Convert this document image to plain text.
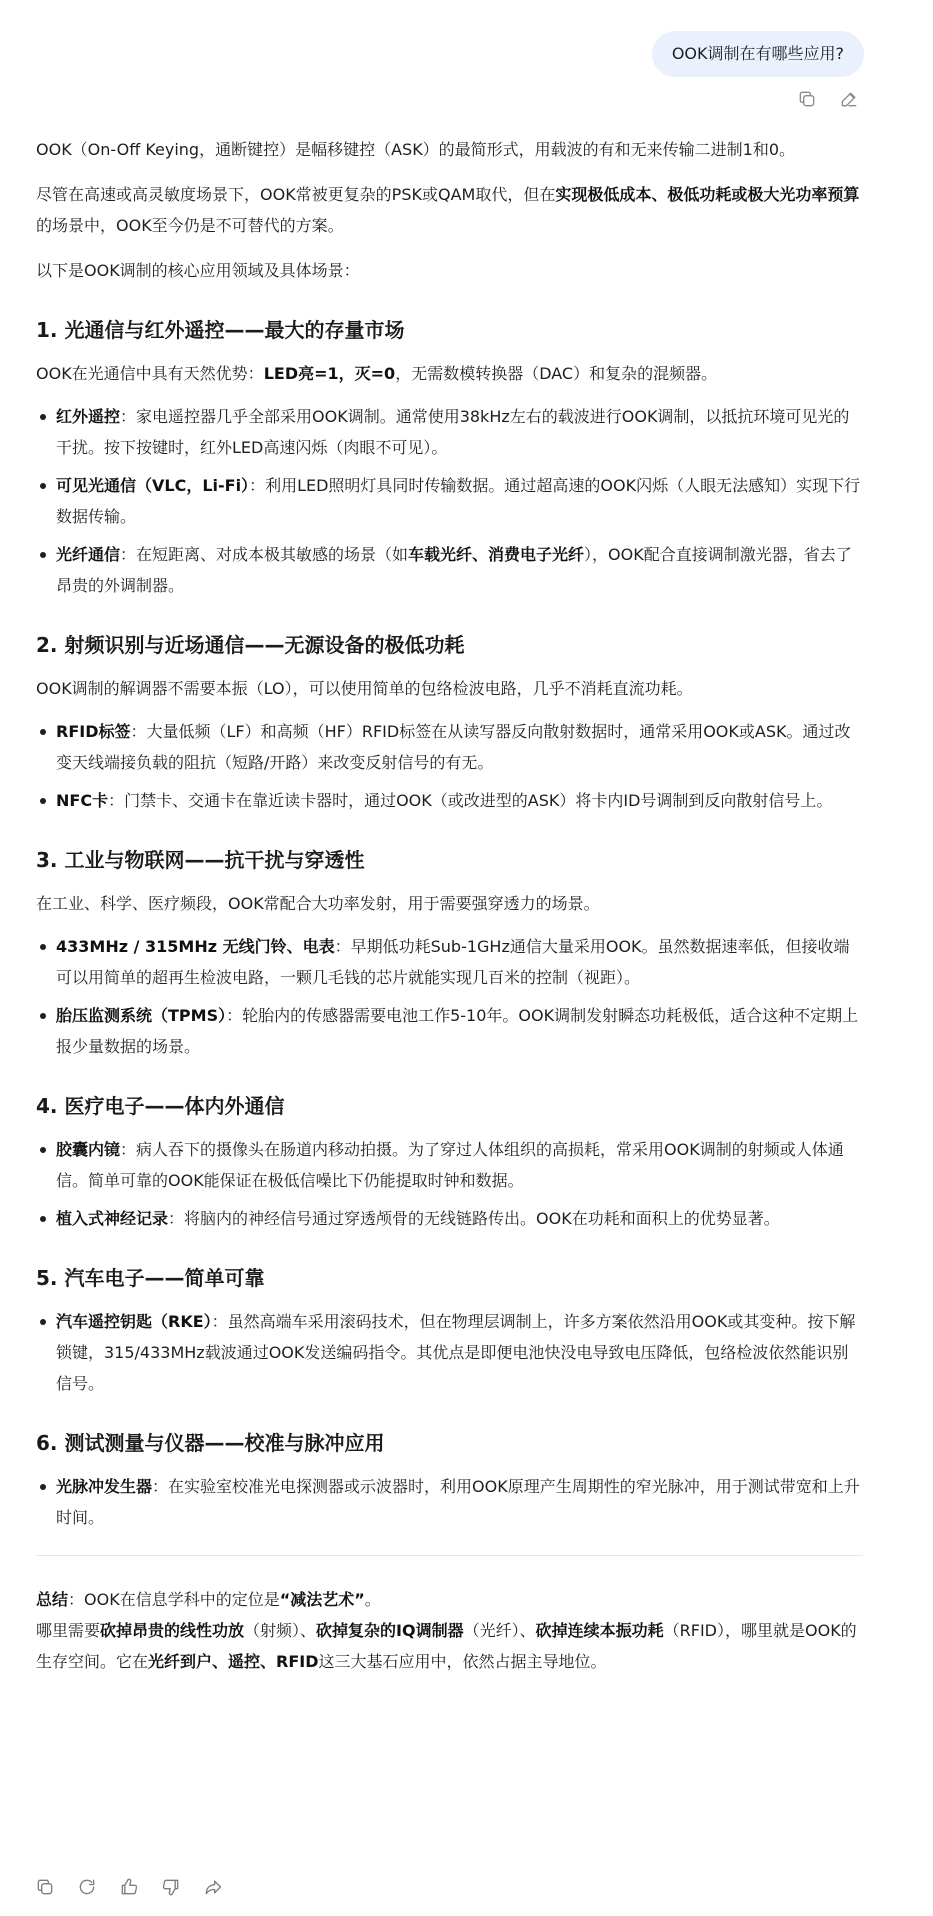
OOK调制在有哪些应用?

OOK（On-Off Keying，通断键控）是幅移键控（ASK）的最简形式，用载波的有和无来传输二进制1和0。

尽管在高速或高灵敏度场景下，OOK常被更复杂的PSK或QAM取代，但在实现极低成本、极低功耗或极大光功率预算的场景中，OOK至今仍是不可替代的方案。

以下是OOK调制的核心应用领域及具体场景：

1. 光通信与红外遥控——最大的存量市场

OOK在光通信中具有天然优势：LED亮=1，灭=0，无需数模转换器（DAC）和复杂的混频器。

红外遥控：家电遥控器几乎全部采用OOK调制。通常使用38kHz左右的载波进行OOK调制，以抵抗环境可见光的干扰。按下按键时，红外LED高速闪烁（肉眼不可见）。
可见光通信（VLC，Li-Fi）：利用LED照明灯具同时传输数据。通过超高速的OOK闪烁（人眼无法感知）实现下行数据传输。
光纤通信：在短距离、对成本极其敏感的场景（如车载光纤、消费电子光纤），OOK配合直接调制激光器，省去了昂贵的外调制器。
2. 射频识别与近场通信——无源设备的极低功耗

OOK调制的解调器不需要本振（LO），可以使用简单的包络检波电路，几乎不消耗直流功耗。

RFID标签：大量低频（LF）和高频（HF）RFID标签在从读写器反向散射数据时，通常采用OOK或ASK。通过改变天线端接负载的阻抗（短路/开路）来改变反射信号的有无。
NFC卡：门禁卡、交通卡在靠近读卡器时，通过OOK（或改进型的ASK）将卡内ID号调制到反向散射信号上。
3. 工业与物联网——抗干扰与穿透性

在工业、科学、医疗频段，OOK常配合大功率发射，用于需要强穿透力的场景。

433MHz / 315MHz 无线门铃、电表：早期低功耗Sub-1GHz通信大量采用OOK。虽然数据速率低，但接收端可以用简单的超再生检波电路，一颗几毛钱的芯片就能实现几百米的控制（视距）。
胎压监测系统（TPMS）：轮胎内的传感器需要电池工作5-10年。OOK调制发射瞬态功耗极低，适合这种不定期上报少量数据的场景。
4. 医疗电子——体内外通信
胶囊内镜：病人吞下的摄像头在肠道内移动拍摄。为了穿过人体组织的高损耗，常采用OOK调制的射频或人体通信。简单可靠的OOK能保证在极低信噪比下仍能提取时钟和数据。
植入式神经记录：将脑内的神经信号通过穿透颅骨的无线链路传出。OOK在功耗和面积上的优势显著。
5. 汽车电子——简单可靠
汽车遥控钥匙（RKE）：虽然高端车采用滚码技术，但在物理层调制上，许多方案依然沿用OOK或其变种。按下解锁键，315/433MHz载波通过OOK发送编码指令。其优点是即便电池快没电导致电压降低，包络检波依然能识别信号。
6. 测试测量与仪器——校准与脉冲应用
光脉冲发生器：在实验室校准光电探测器或示波器时，利用OOK原理产生周期性的窄光脉冲，用于测试带宽和上升时间。

总结：OOK在信息学科中的定位是“减法艺术”。

哪里需要砍掉昂贵的线性功放（射频）、砍掉复杂的IQ调制器（光纤）、砍掉连续本振功耗（RFID），哪里就是OOK的生存空间。它在光纤到户、遥控、RFID这三大基石应用中，依然占据主导地位。
